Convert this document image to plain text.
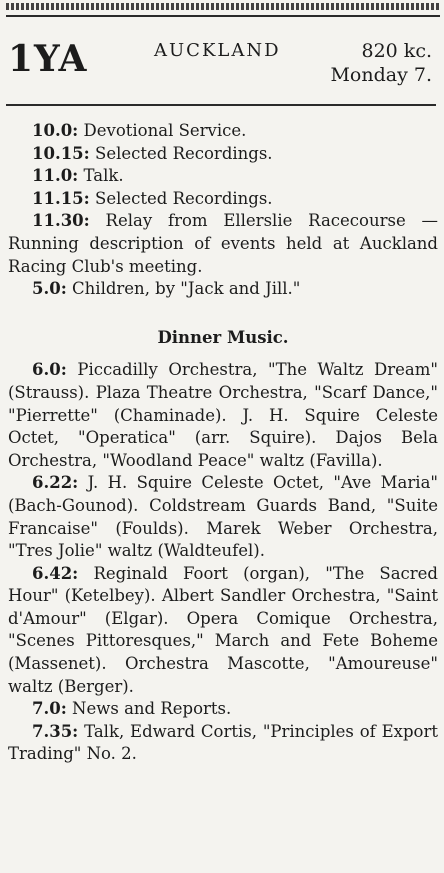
1YA	AUCKLAND	820 kc.
Monday 7.
10.0: Devotional Service.
10.15: Selected Recordings.
11.0: Talk.
11.15: Selected Recordings.
11.30: Relay from Ellerslie Racecourse —Running description of events held at Auckland Racing Club's meeting.
5.0: Children, by "Jack and Jill."
Dinner Music.
6.0: Piccadilly Orchestra, "The Waltz Dream" (Strauss). Plaza Theatre Orchestra, "Scarf Dance," "Pierrette" (Chaminade). J. H. Squire Celeste Octet, "Operatica" (arr. Squire). Dajos Bela Orchestra, "Woodland Peace" waltz (Favilla).
6.22: J. H. Squire Celeste Octet, "Ave Maria" (Bach-Gounod). Coldstream Guards Band, "Suite Francaise" (Foulds). Marek Weber Orchestra, "Tres Jolie" waltz (Waldteufel).
6.42: Reginald Foort (organ), "The Sacred Hour" (Ketelbey). Albert Sandler Orchestra, "Saint d'Amour" (Elgar). Opera Comique Orchestra, "Scenes Pittoresques," March and Fete Boheme (Massenet). Orchestra Mascotte, "Amoureuse" waltz (Berger).
7.0: News and Reports.
7.35: Talk, Edward Cortis, "Principles of Export Trading" No. 2.
